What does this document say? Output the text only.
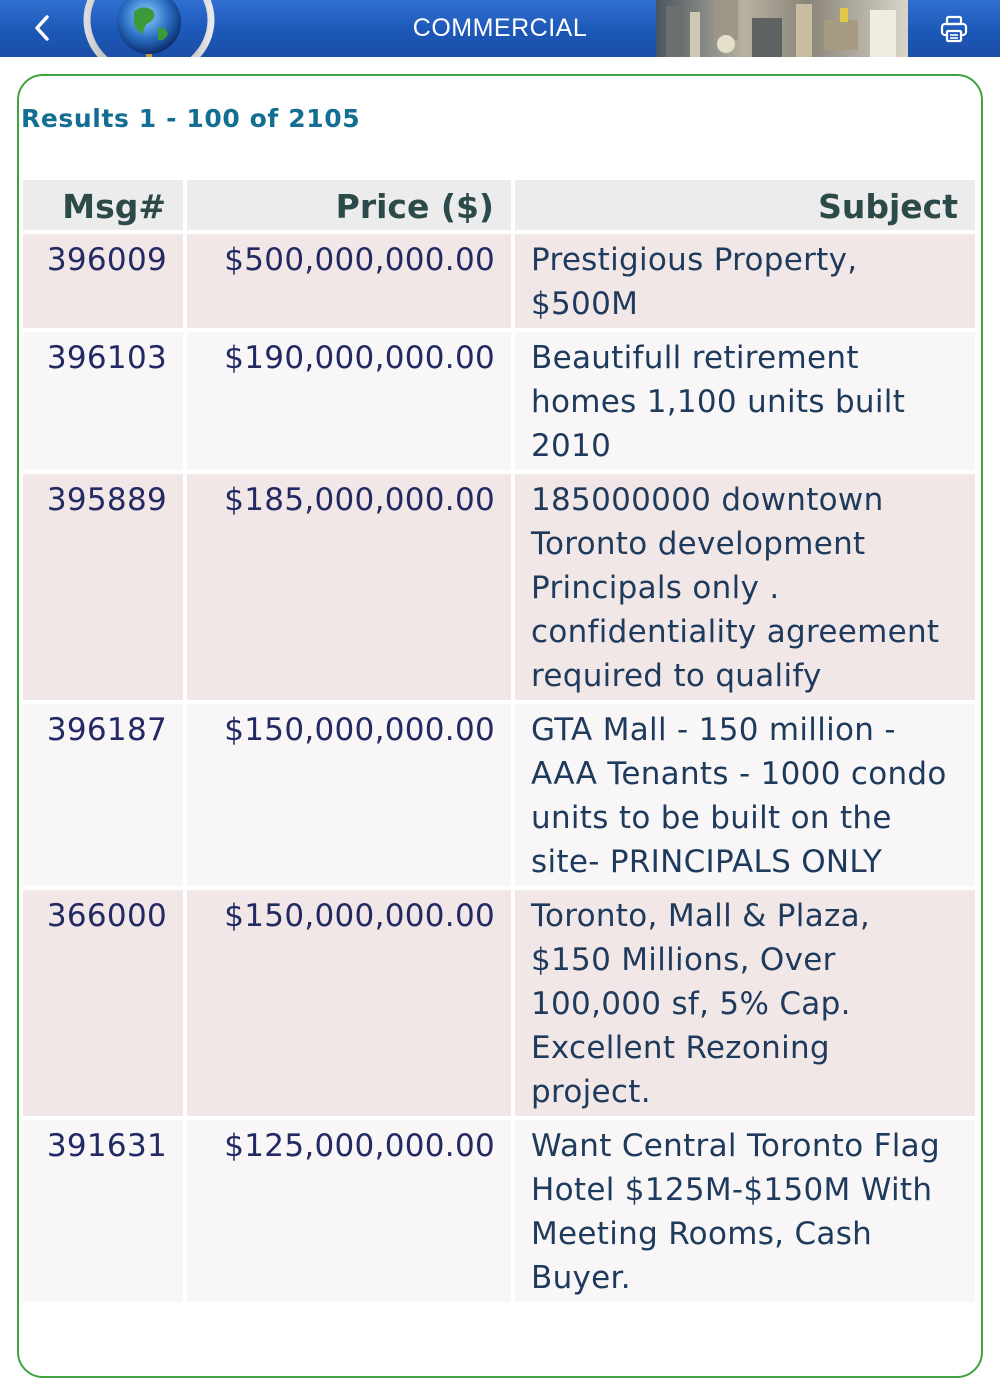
COMMERCIAL
Results 1 - 100 of 2105
Msg#	Price ($)	Subject
396009	$500,000,000.00	Prestigious Property, $500M
396103	$190,000,000.00	Beautifull retirement homes 1,100 units built 2010
395889	$185,000,000.00	185000000 downtown Toronto development Principals only . confidentiality agreement required to qualify
396187	$150,000,000.00	GTA Mall - 150 million - AAA Tenants - 1000 condo units to be built on the site- PRINCIPALS ONLY
366000	$150,000,000.00	Toronto, Mall & Plaza, $150 Millions, Over 100,000 sf, 5% Cap. Excellent Rezoning project.
391631	$125,000,000.00	Want Central Toronto Flag Hotel $125M-$150M With Meeting Rooms, Cash Buyer.
